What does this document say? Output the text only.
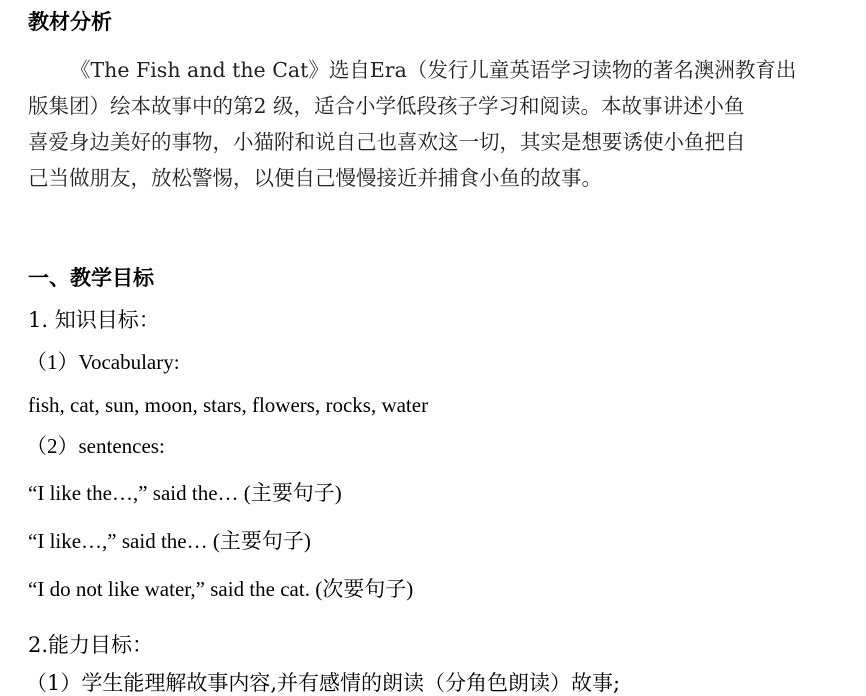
教材分析
《The Fish and the Cat》选自Era（发行儿童英语学习读物的著名澳洲教育出
版集团）绘本故事中的第2 级，适合小学低段孩子学习和阅读。本故事讲述小鱼
喜爱身边美好的事物，小猫附和说自己也喜欢这一切，其实是想要诱使小鱼把自
己当做朋友，放松警惕，以便自己慢慢接近并捕食小鱼的故事。
一、教学目标
1. 知识目标：
（1）Vocabulary:
fish, cat, sun, moon, stars, flowers, rocks, water
（2）sentences:
“I like the…,” said the… (主要句子)
“I like…,” said the… (主要句子)
“I do not like water,” said the cat. (次要句子)
2.能力目标：
（1）学生能理解故事内容,并有感情的朗读（分角色朗读）故事;
